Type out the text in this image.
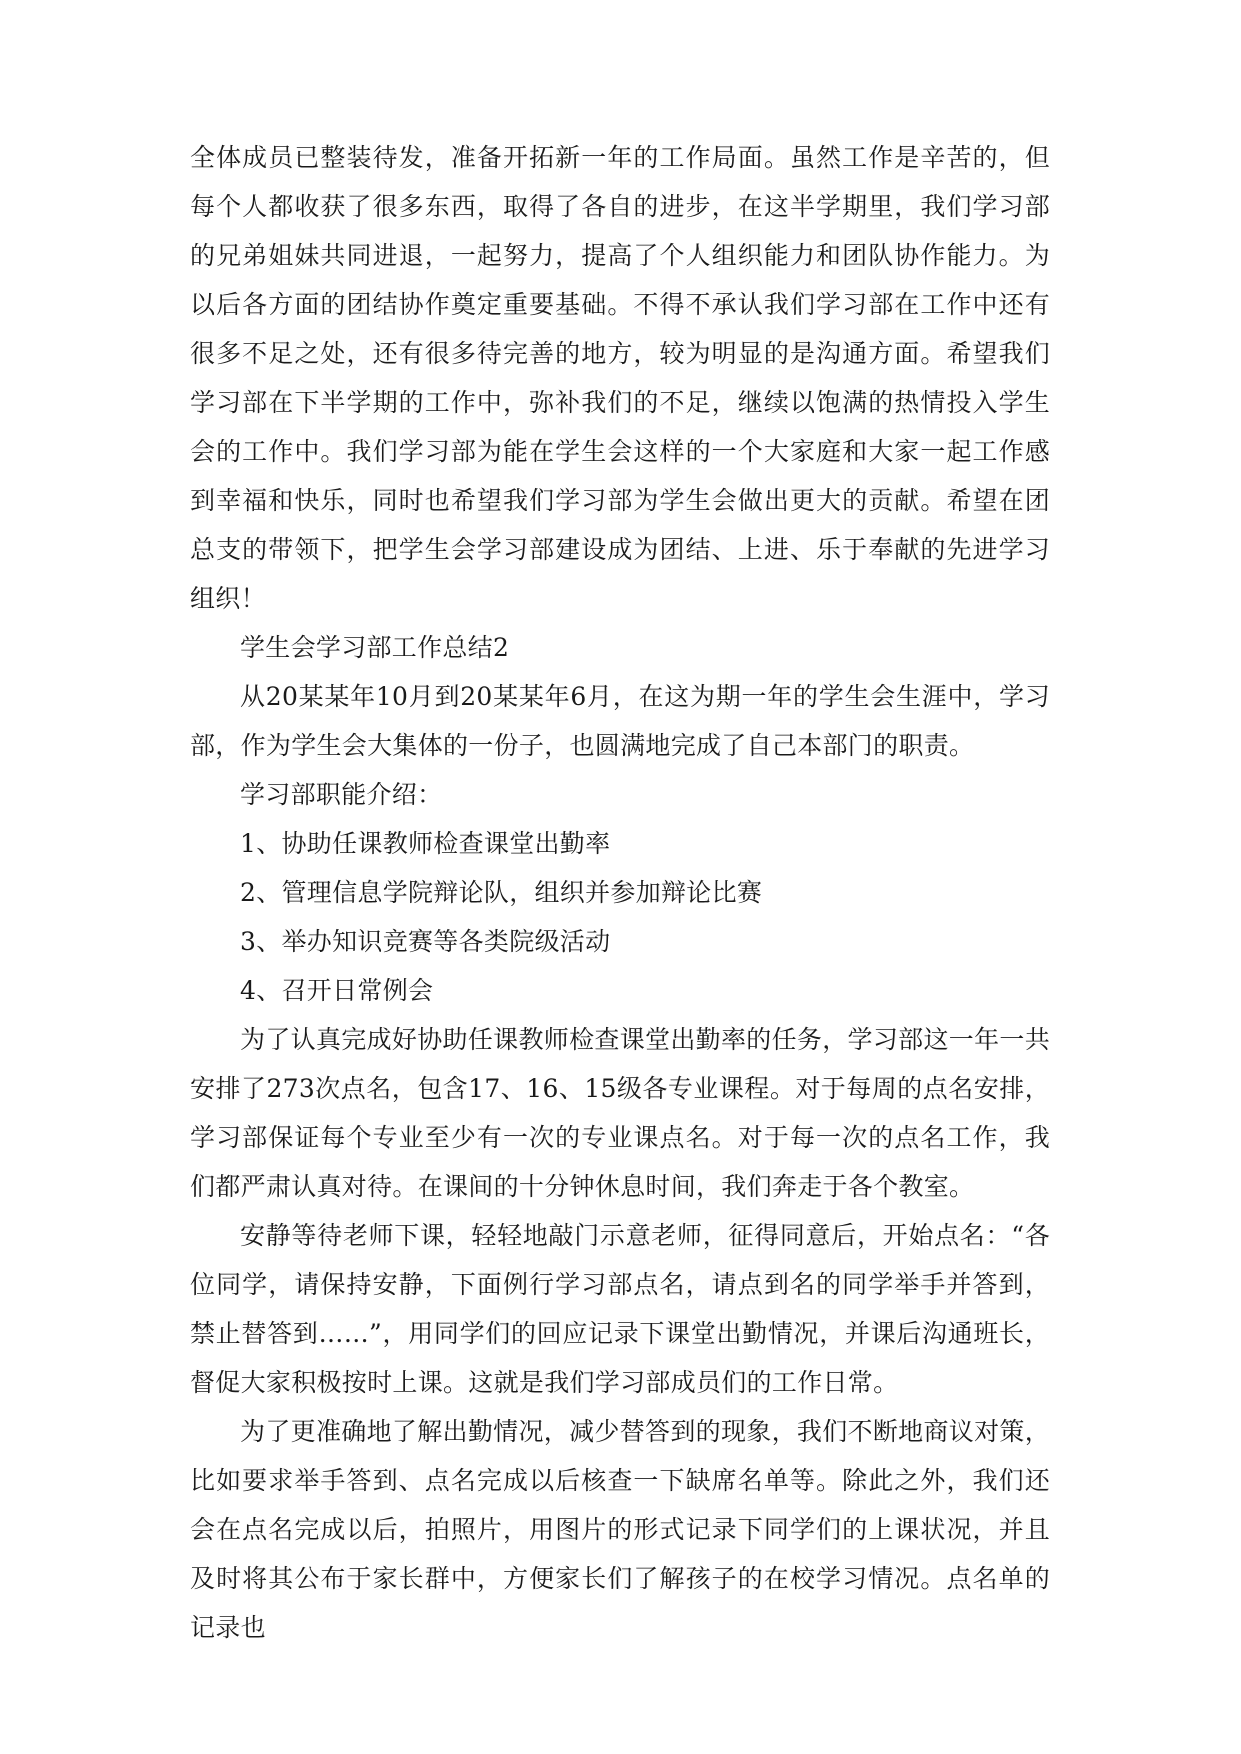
全体成员已整装待发，准备开拓新一年的工作局面。虽然工作是辛苦的，但每个人都收获了很多东西，取得了各自的进步，在这半学期里，我们学习部的兄弟姐妹共同进退，一起努力，提高了个人组织能力和团队协作能力。为以后各方面的团结协作奠定重要基础。不得不承认我们学习部在工作中还有很多不足之处，还有很多待完善的地方，较为明显的是沟通方面。希望我们学习部在下半学期的工作中，弥补我们的不足，继续以饱满的热情投入学生会的工作中。我们学习部为能在学生会这样的一个大家庭和大家一起工作感到幸福和快乐，同时也希望我们学习部为学生会做出更大的贡献。希望在团总支的带领下，把学生会学习部建设成为团结、上进、乐于奉献的先进学习组织！

学生会学习部工作总结2

从20某某年10月到20某某年6月，在这为期一年的学生会生涯中，学习部，作为学生会大集体的一份子，也圆满地完成了自己本部门的职责。

学习部职能介绍：

1、协助任课教师检查课堂出勤率

2、管理信息学院辩论队，组织并参加辩论比赛

3、举办知识竞赛等各类院级活动

4、召开日常例会

为了认真完成好协助任课教师检查课堂出勤率的任务，学习部这一年一共安排了273次点名，包含17、16、15级各专业课程。对于每周的点名安排，学习部保证每个专业至少有一次的专业课点名。对于每一次的点名工作，我们都严肃认真对待。在课间的十分钟休息时间，我们奔走于各个教室。

安静等待老师下课，轻轻地敲门示意老师，征得同意后，开始点名：“各位同学，请保持安静，下面例行学习部点名，请点到名的同学举手并答到，禁止替答到……”，用同学们的回应记录下课堂出勤情况，并课后沟通班长，督促大家积极按时上课。这就是我们学习部成员们的工作日常。

为了更准确地了解出勤情况，减少替答到的现象，我们不断地商议对策，比如要求举手答到、点名完成以后核查一下缺席名单等。除此之外，我们还会在点名完成以后，拍照片，用图片的形式记录下同学们的上课状况，并且及时将其公布于家长群中，方便家长们了解孩子的在校学习情况。点名单的记录也
